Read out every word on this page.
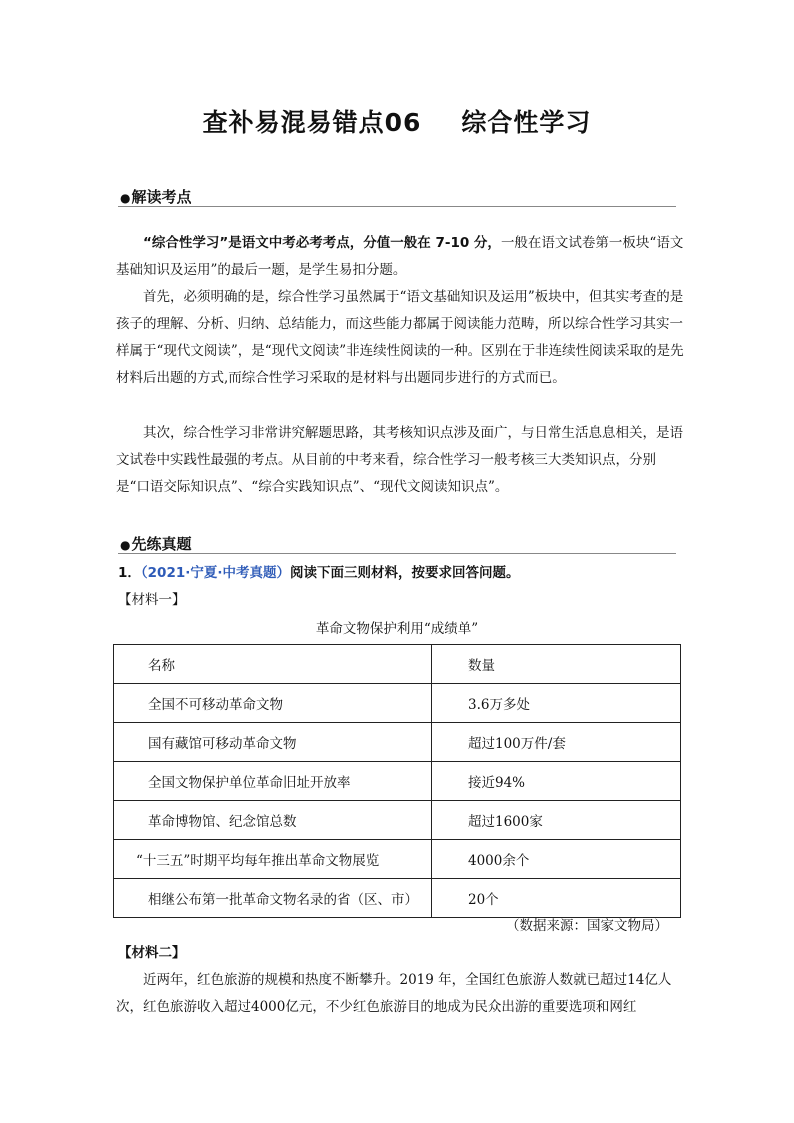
查补易混易错点06 综合性学习
●解读考点
“综合性学习”是语文中考必考考点，分值一般在 7-10 分，一般在语文试卷第一板块“语文基础知识及运用”的最后一题，是学生易扣分题。
首先，必须明确的是，综合性学习虽然属于“语文基础知识及运用”板块中，但其实考查的是孩子的理解、分析、归纳、总结能力，而这些能力都属于阅读能力范畴，所以综合性学习其实一样属于“现代文阅读”，是“现代文阅读”非连续性阅读的一种。区别在于非连续性阅读采取的是先材料后出题的方式,而综合性学习采取的是材料与出题同步进行的方式而已。
其次，综合性学习非常讲究解题思路，其考核知识点涉及面广，与日常生活息息相关，是语文试卷中实践性最强的考点。从目前的中考来看，综合性学习一般考核三大类知识点，分别是“口语交际知识点”、“综合实践知识点”、“现代文阅读知识点”。
●先练真题
1．（2021·宁夏·中考真题）阅读下面三则材料，按要求回答问题。
【材料一】
革命文物保护利用“成绩单”
名称	数量
全国不可移动革命文物	3.6万多处
国有藏馆可移动革命文物	超过100万件/套
全国文物保护单位革命旧址开放率	接近94%
革命博物馆、纪念馆总数	超过1600家
“十三五”时期平均每年推出革命文物展览	4000余个
相继公布第一批革命文物名录的省（区、市）	20个
（数据来源：国家文物局）
【材料二】
近两年，红色旅游的规模和热度不断攀升。2019 年，全国红色旅游人数就已超过14亿人次，红色旅游收入超过4000亿元，不少红色旅游目的地成为民众出游的重要选项和网红
